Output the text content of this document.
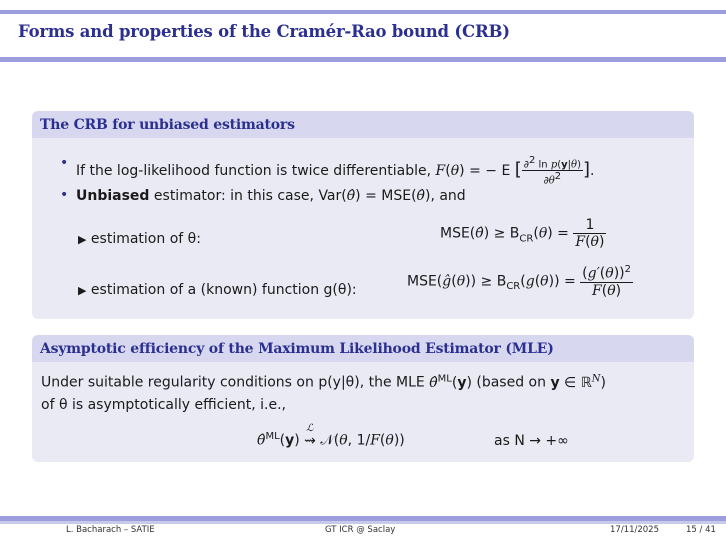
Forms and properties of the Cramér-Rao bound (CRB)
The CRB for unbiased estimators
• If the log-likelihood function is twice differentiable, F(θ) = − E [ $\frac{\partial^2 \ln p(y|\theta)}{\partial\theta^2}$ ].
• Unbiased estimator: in this case, Var(θ̂) = MSE(θ̂), and
▶ estimation of θ:	MSE(θ̂) ≥ $B_{CR}(\theta) = \frac{1}{F(\theta)}$
▶ estimation of a (known) function g(θ):
MSE(ĝ(θ)) ≥ $B_{CR}(g(\theta)) = \frac{(g'(\theta))^2}{F(\theta)}$
Asymptotic efficiency of the Maximum Likelihood Estimator (MLE)
Under suitable regularity conditions on p(y|θ), the MLE θ̂$^{ML}$(y) (based on y ∈ ℝ$^N$)
of θ is asymptotically efficient, i.e.,
θ̂$^{ML}$(y)
ℒ
⇝ 𝒩(θ, 1/F(θ))	as N → +∞
L. Bacharach – SATIE	GT ICR @ Saclay	17/11/2025	15 / 41
